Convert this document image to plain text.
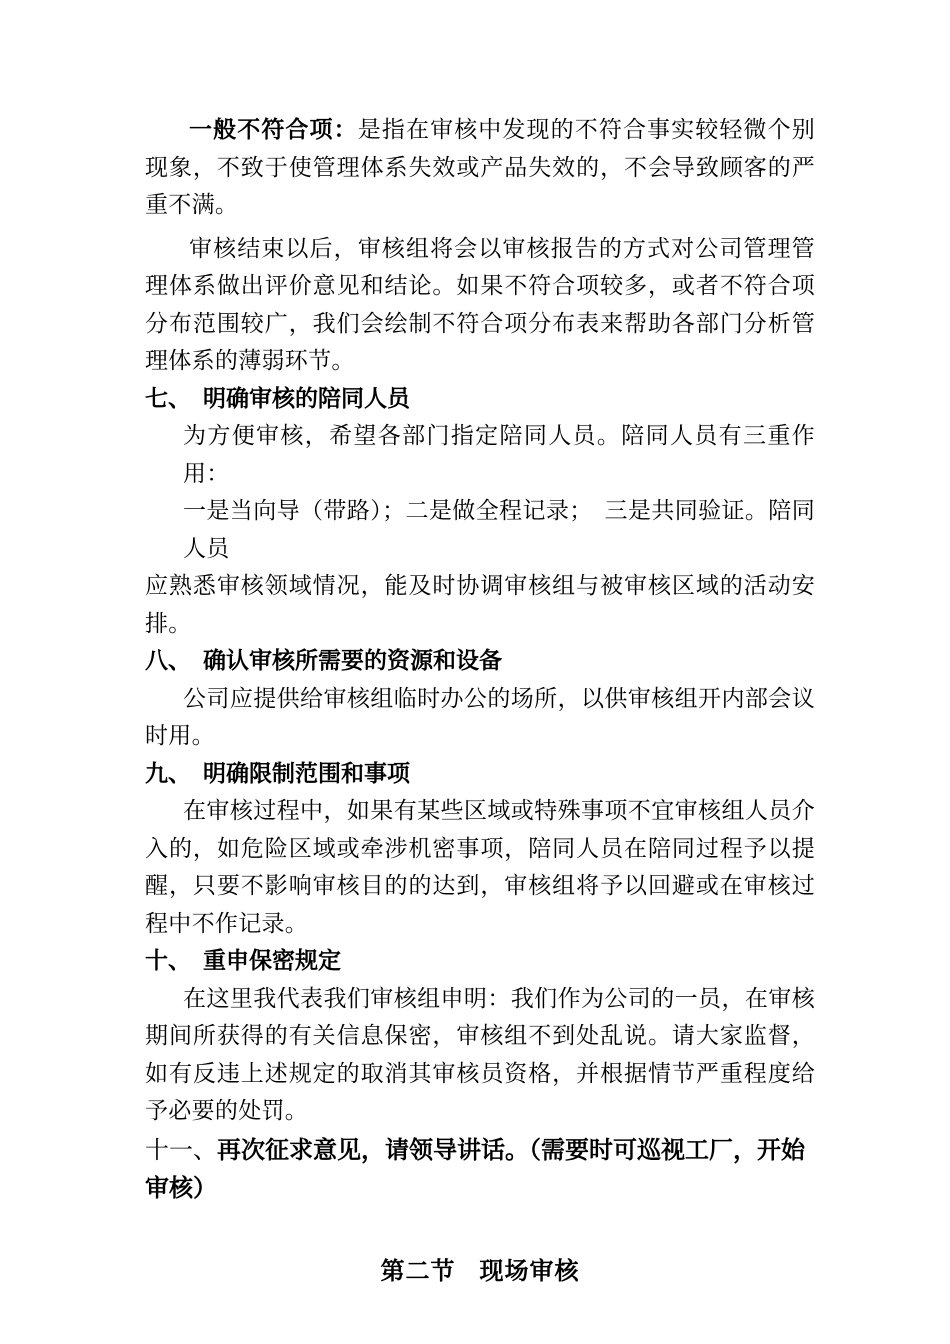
一般不符合项：是指在审核中发现的不符合事实较轻微个别现象，不致于使管理体系失效或产品失效的，不会导致顾客的严重不满。

审核结束以后，审核组将会以审核报告的方式对公司管理管理体系做出评价意见和结论。如果不符合项较多，或者不符合项分布范围较广，我们会绘制不符合项分布表来帮助各部门分析管理体系的薄弱环节。

七、 明确审核的陪同人员

为方便审核，希望各部门指定陪同人员。陪同人员有三重作用：

一是当向导（带路）；二是做全程记录；　三是共同验证。陪同人员

应熟悉审核领域情况，能及时协调审核组与被审核区域的活动安排。

八、 确认审核所需要的资源和设备

公司应提供给审核组临时办公的场所，以供审核组开内部会议时用。

九、 明确限制范围和事项

在审核过程中，如果有某些区域或特殊事项不宜审核组人员介入的，如危险区域或牵涉机密事项，陪同人员在陪同过程予以提醒，只要不影响审核目的的达到，审核组将予以回避或在审核过程中不作记录。

十、 重申保密规定

在这里我代表我们审核组申明：我们作为公司的一员，在审核期间所获得的有关信息保密，审核组不到处乱说。请大家监督，如有反违上述规定的取消其审核员资格，并根据情节严重程度给予必要的处罚。

十一、再次征求意见，请领导讲话。（需要时可巡视工厂，开始审核）

第二节 现场审核
